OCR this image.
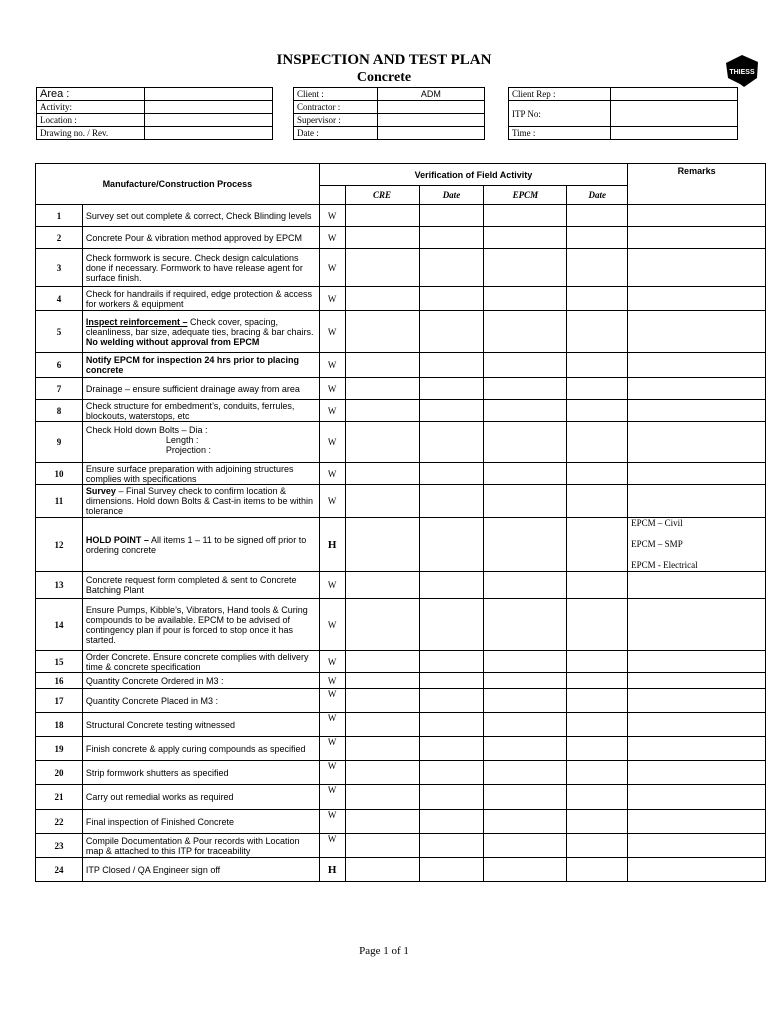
INSPECTION AND TEST PLAN
Concrete	THIESS
Area :	
Activity:	
Location :	
Drawing no. / Rev.	
Client :	ADM
Contractor :	
Supervisor :	
Date :	
Client Rep :	
ITP No:	
Time :	
Manufacture/Construction Process		Verification of Field Activity					Remarks
			CRE	Date	EPCM	Date	
1	Survey set out complete & correct, Check Blinding levels	W					
2	Concrete Pour & vibration method approved by EPCM	W					
3	Check formwork is secure. Check design calculations done if necessary. Formwork to have release agent for surface finish.	W					
4	Check for handrails if required, edge protection & access for workers & equipment	W					
5	Inspect reinforcement – Check cover, spacing, cleanliness, bar size, adequate ties, bracing & bar chairs. No welding without approval from EPCM	W					
6	Notify EPCM for inspection 24 hrs prior to placing concrete	W					
7	Drainage – ensure sufficient drainage away from area	W					
8	Check structure for embedment’s, conduits, ferrules, blockouts, waterstops, etc	W					
9	Check Hold down Bolts – Dia :
Length :
Projection :	W					
10	Ensure surface preparation with adjoining structures complies with specifications	W					
11	Survey – Final Survey check to confirm location & dimensions. Hold down Bolts & Cast-in items to be within tolerance	W					
12	HOLD POINT – All items 1 – 11 to be signed off prior to ordering concrete	H					EPCM – Civil
EPCM – SMP
EPCM - Electrical

13	Concrete request form completed & sent to Concrete Batching Plant	W					
14	Ensure Pumps, Kibble’s, Vibrators, Hand tools & Curing compounds to be available. EPCM to be advised of contingency plan if pour is forced to stop once it has started.	W					
15	Order Concrete. Ensure concrete complies with delivery time & concrete specification	W					
16	Quantity Concrete Ordered in M3 :	W					
17	Quantity Concrete Placed in M3 :	W					
18	Structural Concrete testing witnessed	W					
19	Finish concrete & apply curing compounds as specified	W					
20	Strip formwork shutters as specified	W					
21	Carry out remedial works as required	W					
22	Final inspection of Finished Concrete	W					
23	Compile Documentation & Pour records with Location map & attached to this ITP for traceability	W					
24	ITP Closed / QA Engineer sign off	H					
Page 1 of 1
